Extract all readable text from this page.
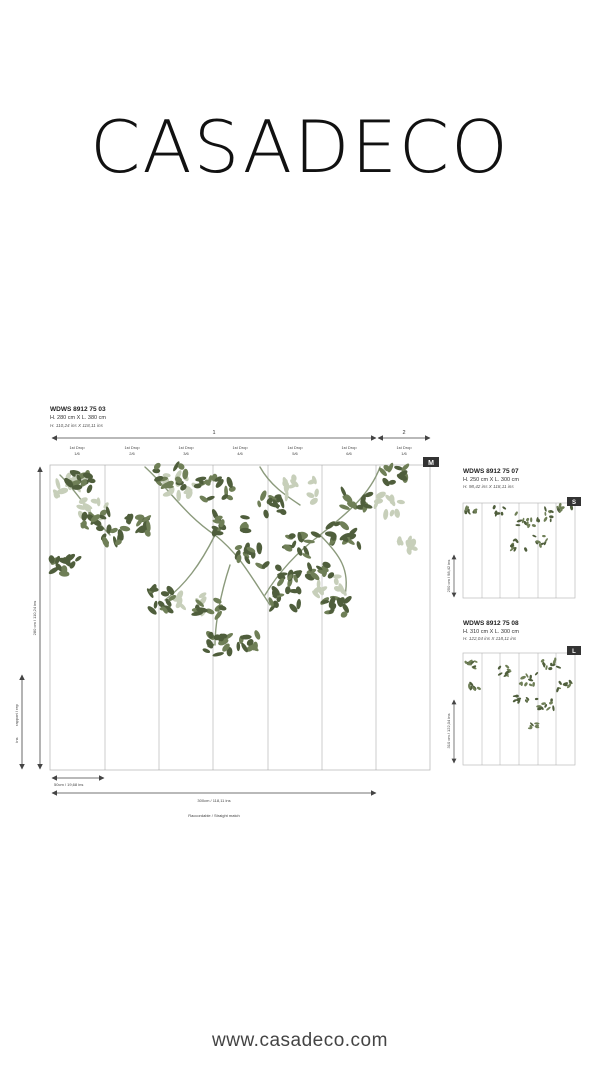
CASADECO
WDWS 8912 75 03
H. 280 cm X L. 380 cm
H. 110,24 ins X 118,11 ins
1	2
1st Drop
1/6
1st Drop
2/6
1st Drop
3/6
1st Drop
4/6
1st Drop
5/6
1st Drop
6/6
1st Drop
1/6
M
280 cm / 110,24 ins
rapport / rep
ins
50cm / 19,68 ins
300cm / 118,11 ins
Raccordable / Straight match
WDWS 8912 75 07
H. 250 cm X L. 300 cm
H. 98,42 ins X 118,11 ins
S
250 cm / 98,42 ins
WDWS 8912 75 08
H. 310 cm X L. 300 cm
H. 122,04 ins X 118,11 ins
L
310 cm / 122,04 ins
www.casadeco.com
